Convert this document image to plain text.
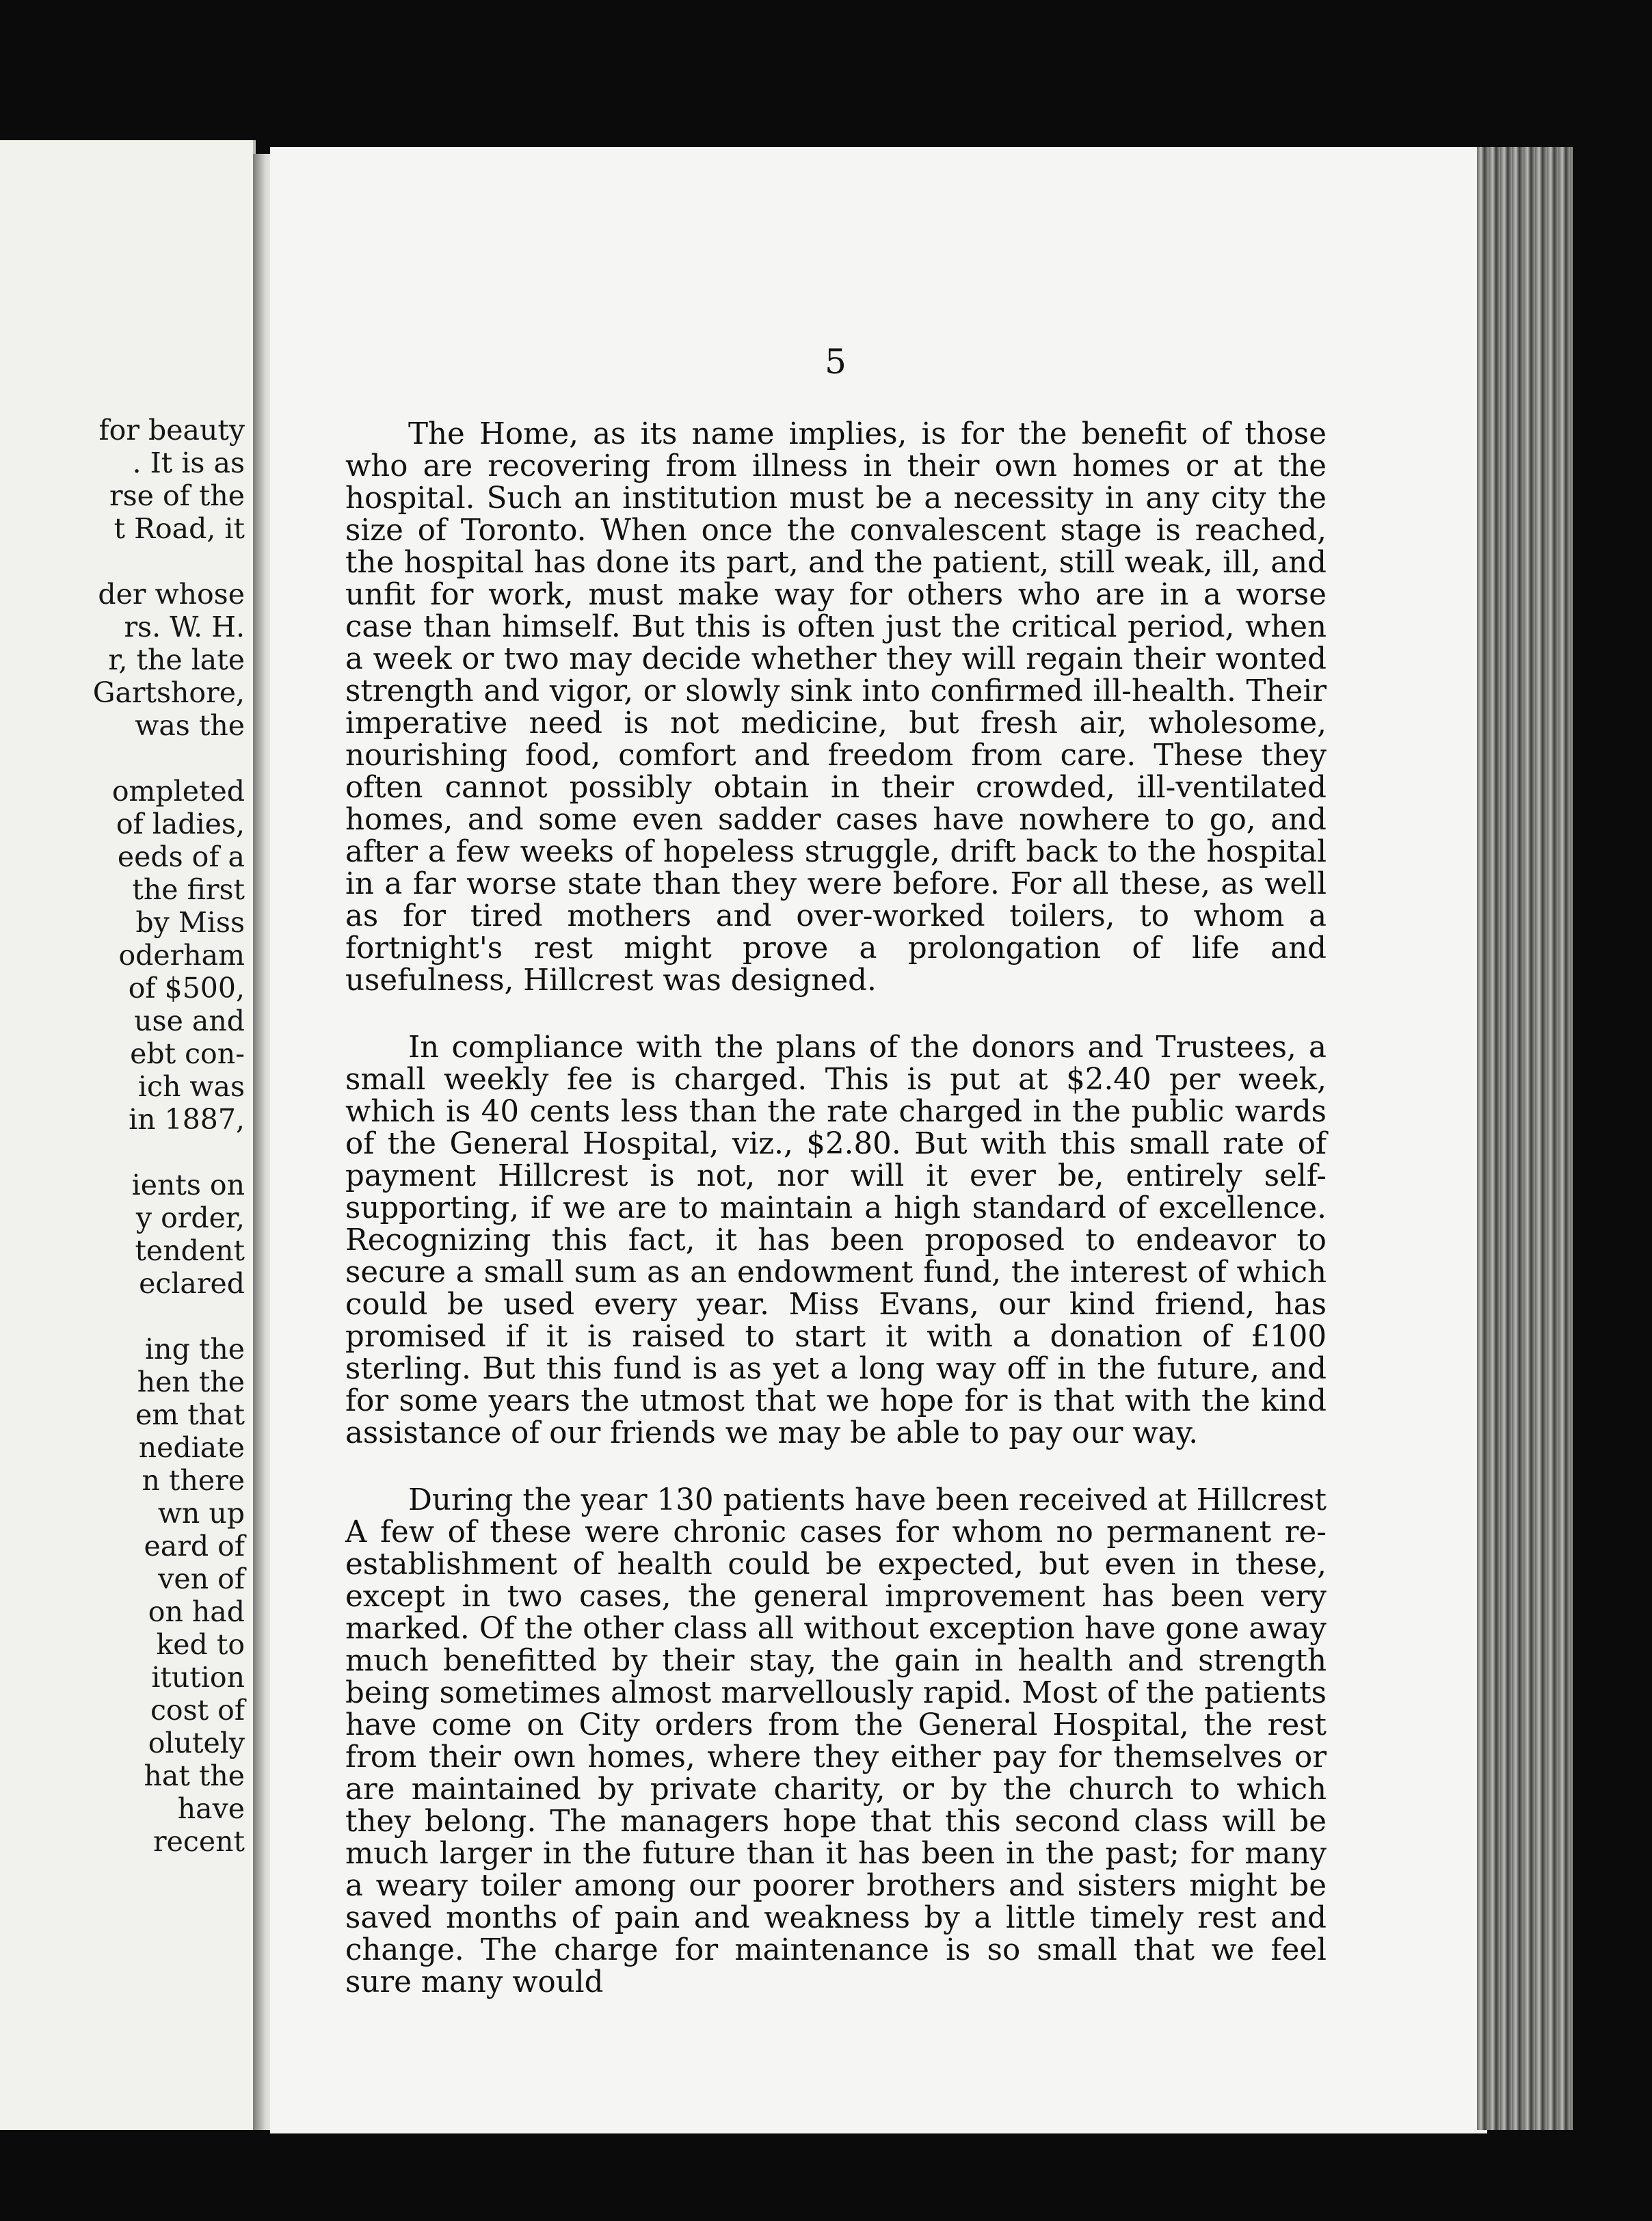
for beauty
. It is as
rse of the
t Road, it
der whose
rs. W. H.
r, the late
Gartshore,
was the
ompleted
of ladies,
eeds of a
the first
by Miss
oderham
of $500,
use and
ebt con-
ich was
in 1887,
ients on
y order,
tendent
eclared
ing the
hen the
em that
nediate
n there
wn up
eard of
ven of
on had
ked to
itution
cost of
olutely
hat the
have
recent
5

The Home, as its name implies, is for the benefit of those who are recovering from illness in their own homes or at the hospital. Such an institution must be a necessity in any city the size of Toronto. When once the convalescent stage is reached, the hospital has done its part, and the patient, still weak, ill, and unfit for work, must make way for others who are in a worse case than himself. But this is often just the critical period, when a week or two may decide whether they will regain their wonted strength and vigor, or slowly sink into confirmed ill-health. Their imperative need is not medicine, but fresh air, wholesome, nourishing food, comfort and freedom from care. These they often cannot possibly obtain in their crowded, ill-ventilated homes, and some even sadder cases have nowhere to go, and after a few weeks of hopeless struggle, drift back to the hospital in a far worse state than they were before. For all these, as well as for tired mothers and over-worked toilers, to whom a fortnight's rest might prove a prolongation of life and usefulness, Hillcrest was designed.

In compliance with the plans of the donors and Trustees, a small weekly fee is charged. This is put at $2.40 per week, which is 40 cents less than the rate charged in the public wards of the General Hospital, viz., $2.80. But with this small rate of payment Hillcrest is not, nor will it ever be, entirely self-supporting, if we are to maintain a high standard of excellence. Recognizing this fact, it has been proposed to endeavor to secure a small sum as an endowment fund, the interest of which could be used every year. Miss Evans, our kind friend, has promised if it is raised to start it with a donation of £100 sterling. But this fund is as yet a long way off in the future, and for some years the utmost that we hope for is that with the kind assistance of our friends we may be able to pay our way.

During the year 130 patients have been received at Hillcrest A few of these were chronic cases for whom no permanent reestablishment of health could be expected, but even in these, except in two cases, the general improvement has been very marked. Of the other class all without exception have gone away much benefitted by their stay, the gain in health and strength being sometimes almost marvellously rapid. Most of the patients have come on City orders from the General Hospital, the rest from their own homes, where they either pay for themselves or are maintained by private charity, or by the church to which they belong. The managers hope that this second class will be much larger in the future than it has been in the past; for many a weary toiler among our poorer brothers and sisters might be saved months of pain and weakness by a little timely rest and change. The charge for maintenance is so small that we feel sure many would
